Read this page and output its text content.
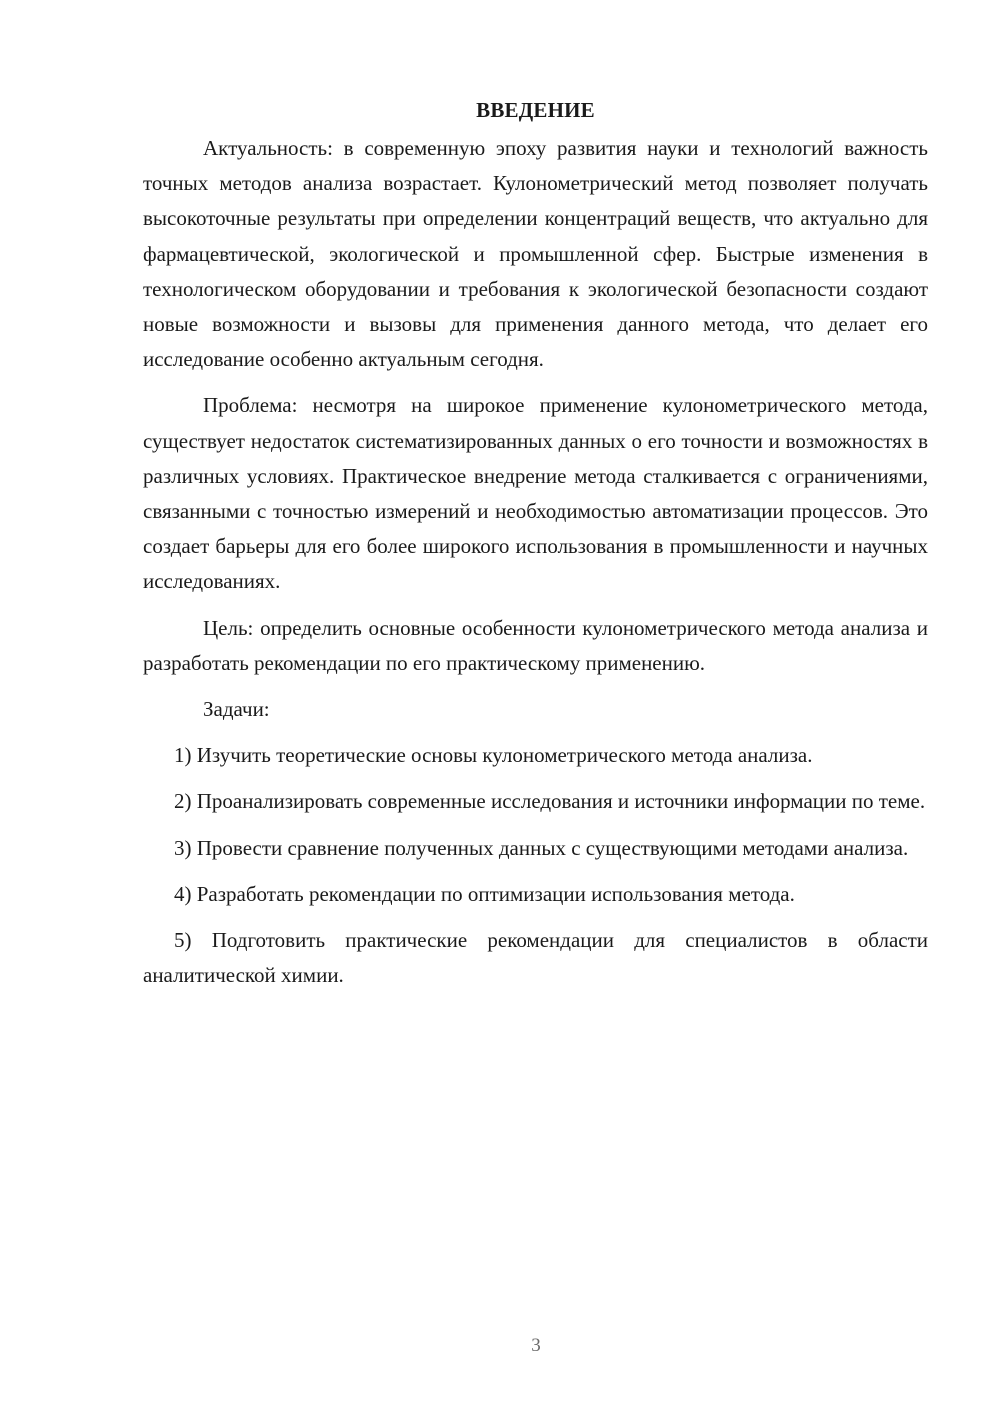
ВВЕДЕНИЕ

Актуальность: в современную эпоху развития науки и технологий важность точных методов анализа возрастает. Кулонометрический метод позволяет получать высокоточные результаты при определении концентраций веществ, что актуально для фармацевтической, экологической и промышленной сфер. Быстрые изменения в технологическом оборудовании и требования к экологической безопасности создают новые возможности и вызовы для применения данного метода, что делает его исследование особенно актуальным сегодня.

Проблема: несмотря на широкое применение кулонометрического метода, существует недостаток систематизированных данных о его точности и возможностях в различных условиях. Практическое внедрение метода сталкивается с ограничениями, связанными с точностью измерений и необходимостью автоматизации процессов. Это создает барьеры для его более широкого использования в промышленности и научных исследованиях.

Цель: определить основные особенности кулонометрического метода анализа и разработать рекомендации по его практическому применению.

Задачи:

1) Изучить теоретические основы кулонометрического метода анализа.

2) Проанализировать современные исследования и источники информации по теме.

3) Провести сравнение полученных данных с существующими методами анализа.

4) Разработать рекомендации по оптимизации использования метода.

5) Подготовить практические рекомендации для специалистов в области аналитической химии.

3
